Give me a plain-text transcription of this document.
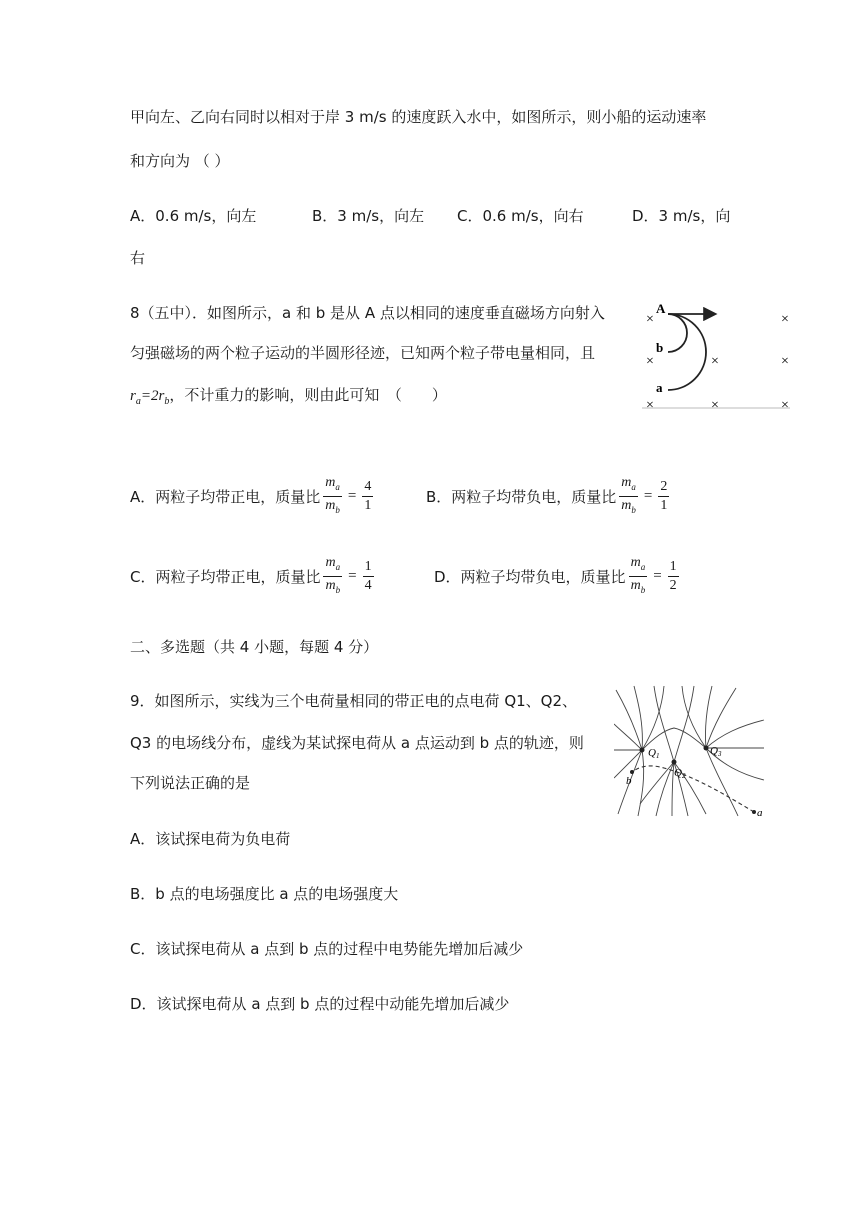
甲向左、乙向右同时以相对于岸 3 m/s 的速度跃入水中，如图所示，则小船的运动速率
和方向为 （ ）
A．0.6 m/s，向左	B．3 m/s，向左 C．0.6 m/s，向右	D．3 m/s，向
右
8（五中）．如图所示，a 和 b 是从 A 点以相同的速度垂直磁场方向射入
匀强磁场的两个粒子运动的半圆形径迹，已知两个粒子带电量相同，且
$r_a=2r_b$，不计重力的影响，则由此可知　（　　）
×	×
×	×	×
×	×	×
A
b
a
A．两粒子均带正电，质量比 $\frac{m_a}{m_b} = \frac{4}{1}$	B．两粒子均带负电，质量比 $\frac{m_a}{m_b} = \frac{2}{1}$
C．两粒子均带正电，质量比 $\frac{m_a}{m_b} = \frac{1}{4}$	D．两粒子均带负电，质量比 $\frac{m_a}{m_b} = \frac{1}{2}$
二、多选题（共 4 小题，每题 4 分）
9．如图所示，实线为三个电荷量相同的带正电的点电荷 Q1、Q2、
Q3 的电场线分布，虚线为某试探电荷从 a 点运动到 b 点的轨迹，则
下列说法正确的是
Q1
Q2
Q3
a
b
A．该试探电荷为负电荷
B．b 点的电场强度比 a 点的电场强度大
C．该试探电荷从 a 点到 b 点的过程中电势能先增加后减少
D．该试探电荷从 a 点到 b 点的过程中动能先增加后减少
